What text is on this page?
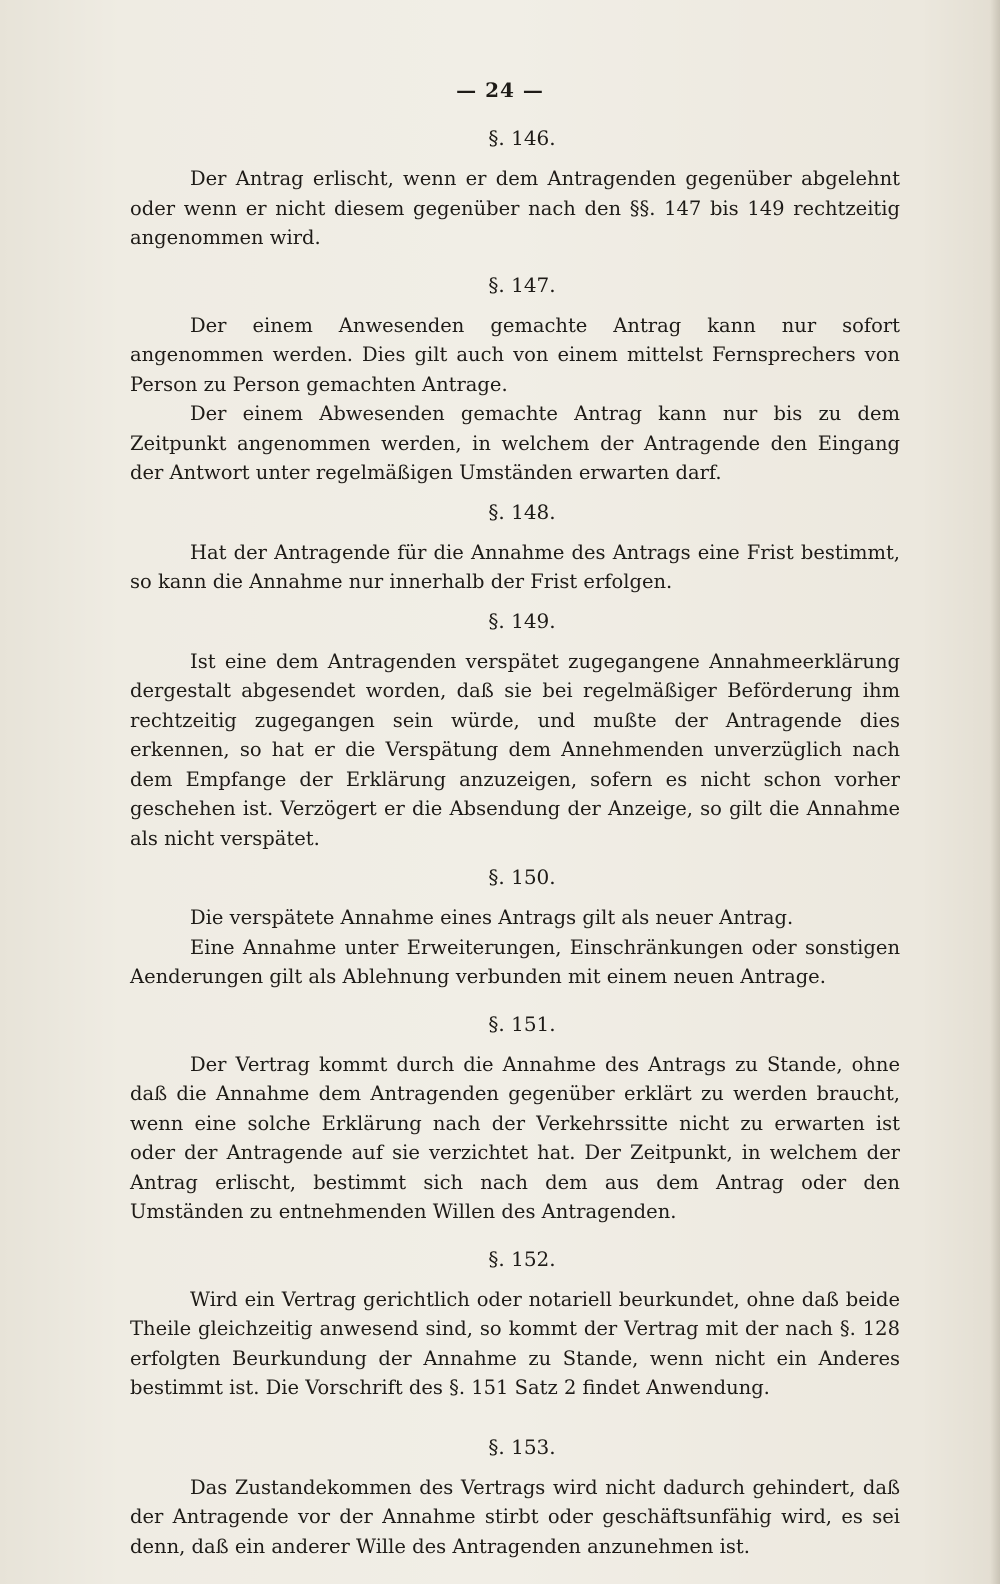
— 24 —
§. 146.

Der Antrag erlischt, wenn er dem Antragenden gegenüber abgelehnt oder wenn er nicht diesem gegenüber nach den §§. 147 bis 149 rechtzeitig angenommen wird.

§. 147.

Der einem Anwesenden gemachte Antrag kann nur sofort angenommen werden. Dies gilt auch von einem mittelst Fernsprechers von Person zu Person gemachten Antrage.

Der einem Abwesenden gemachte Antrag kann nur bis zu dem Zeitpunkt angenommen werden, in welchem der Antragende den Eingang der Antwort unter regelmäßigen Umständen erwarten darf.

§. 148.

Hat der Antragende für die Annahme des Antrags eine Frist bestimmt, so kann die Annahme nur innerhalb der Frist erfolgen.

§. 149.

Ist eine dem Antragenden verspätet zugegangene Annahmeerklärung dergestalt abgesendet worden, daß sie bei regelmäßiger Beförderung ihm rechtzeitig zugegangen sein würde, und mußte der Antragende dies erkennen, so hat er die Verspätung dem Annehmenden unverzüglich nach dem Empfange der Erklärung anzuzeigen, sofern es nicht schon vorher geschehen ist. Verzögert er die Absendung der Anzeige, so gilt die Annahme als nicht verspätet.

§. 150.

Die verspätete Annahme eines Antrags gilt als neuer Antrag.

Eine Annahme unter Erweiterungen, Einschränkungen oder sonstigen Aenderungen gilt als Ablehnung verbunden mit einem neuen Antrage.

§. 151.

Der Vertrag kommt durch die Annahme des Antrags zu Stande, ohne daß die Annahme dem Antragenden gegenüber erklärt zu werden braucht, wenn eine solche Erklärung nach der Verkehrssitte nicht zu erwarten ist oder der Antragende auf sie verzichtet hat. Der Zeitpunkt, in welchem der Antrag erlischt, bestimmt sich nach dem aus dem Antrag oder den Umständen zu entnehmenden Willen des Antragenden.

§. 152.

Wird ein Vertrag gerichtlich oder notariell beurkundet, ohne daß beide Theile gleichzeitig anwesend sind, so kommt der Vertrag mit der nach §. 128 erfolgten Beurkundung der Annahme zu Stande, wenn nicht ein Anderes bestimmt ist. Die Vorschrift des §. 151 Satz 2 findet Anwendung.

§. 153.

Das Zustandekommen des Vertrags wird nicht dadurch gehindert, daß der Antragende vor der Annahme stirbt oder geschäftsunfähig wird, es sei denn, daß ein anderer Wille des Antragenden anzunehmen ist.
